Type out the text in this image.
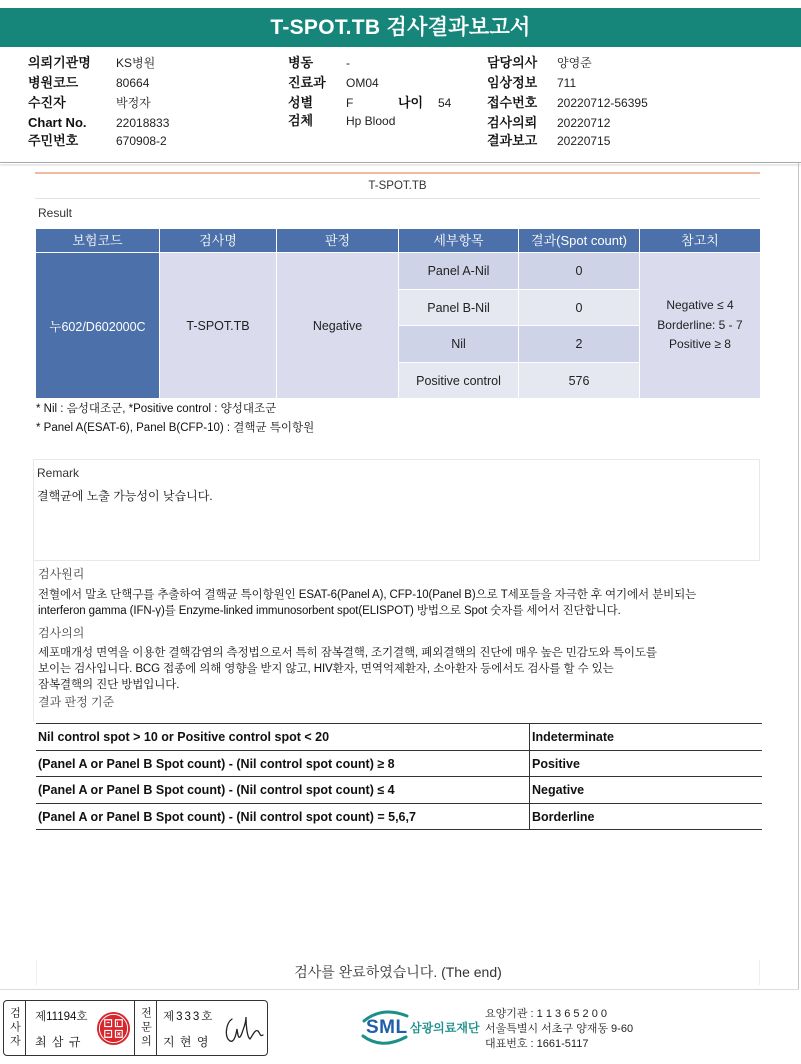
T-SPOT.TB 검사결과보고서
의뢰기관명 KS병원
병원코드	80664
수진자	박정자
Chart No. 22018833
주민번호	670908-2
병동	-
진료과 OM04
성별	F	나이 54
검체	Hp Blood
담당의사 양영준
임상정보 711
접수번호 20220712-56395
검사의뢰 20220712
결과보고 20220715
T-SPOT.TB
Result
보험코드	검사명	판정	세부항목	결과(Spot count)	참고치
누602/D602000C	T-SPOT.TB	Negative
Panel A-Nil	0
Panel B-Nil	0
Nil	2
Positive control	576
Negative ≤ 4
Borderline: 5 - 7
Positive ≥ 8
* Nil : 음성대조군, *Positive control : 양성대조군
* Panel A(ESAT-6), Panel B(CFP-10) : 결핵균 특이항원
Remark
결핵균에 노출 가능성이 낮습니다.
검사원리
전혈에서 말초 단핵구를 추출하여 결핵균 특이항원인 ESAT-6(Panel A), CFP-10(Panel B)으로 T세포들을 자극한 후 여기에서 분비되는
interferon gamma (IFN-γ)를 Enzyme-linked immunosorbent spot(ELISPOT) 방법으로 Spot 숫자를 세어서 진단합니다.
검사의의
세포매개성 면역을 이용한 결핵감염의 측정법으로서 특히 잠복결핵, 조기결핵, 폐외결핵의 진단에 매우 높은 민감도와 특이도를
보이는 검사입니다. BCG 접종에 의해 영향을 받지 않고, HIV환자, 면역억제환자, 소아환자 등에서도 검사를 할 수 있는
잠복결핵의 진단 방법입니다.
결과 판정 기준
Nil control spot > 10 or Positive control spot < 20	Indeterminate
(Panel A or Panel B Spot count) - (Nil control spot count) ≥ 8	Positive
(Panel A or Panel B Spot count) - (Nil control spot count) ≤ 4	Negative
(Panel A or Panel B Spot count) - (Nil control spot count) = 5,6,7	Borderline
검사를 완료하였습니다. (The end)
검사자 제11194호
최 삼 규	전문의 제333호
지 현 영
SML 삼광의료재단
요양기관 : 1 1 3 6 5 2 0 0
서울특별시 서초구 양재동 9-60
대표번호 : 1661-5117
